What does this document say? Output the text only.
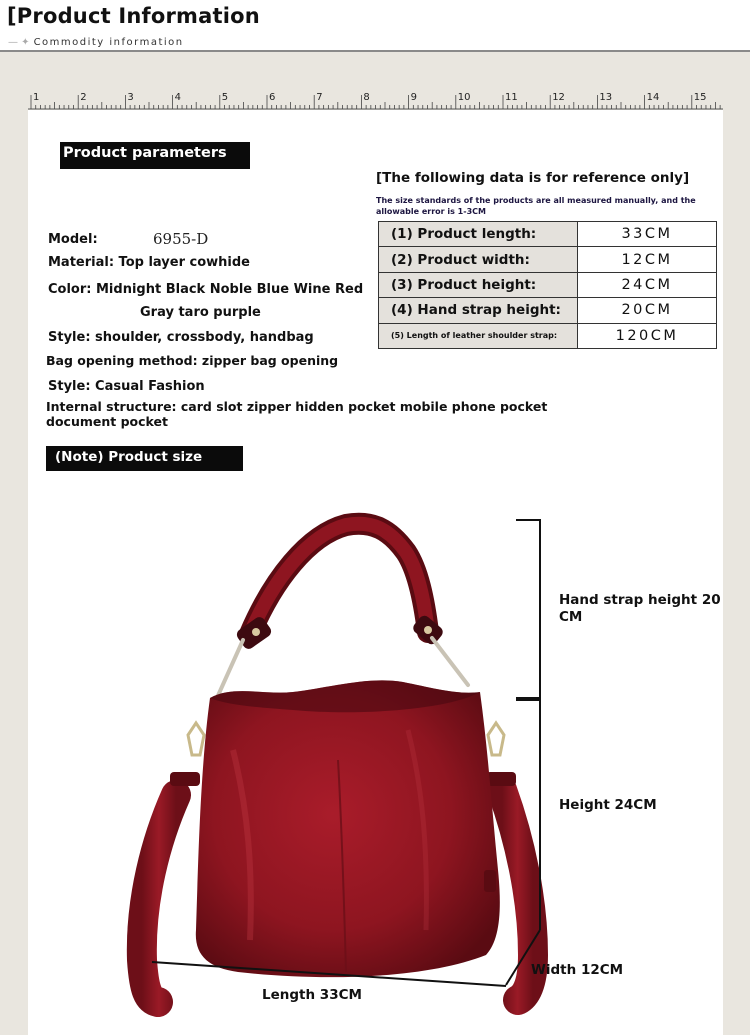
[Product Information
— ✦ Commodity information
1	2	3	4	5	6	7	8	9	10	11	12	13	14	15
Product parameters
Model:	6955-D
Material: Top layer cowhide
Color: Midnight Black Noble Blue Wine Red
Gray taro purple
Style: shoulder, crossbody, handbag
Bag opening method: zipper bag opening
Style: Casual Fashion
Internal structure: card slot zipper hidden pocket mobile phone pocket
document pocket
[The following data is for reference only]
The size standards of the products are all measured manually, and the allowable error is 1-3CM
(1) Product length:	33CM
(2) Product width:	12CM
(3) Product height:	24CM
(4) Hand strap height:	20CM
(5) Length of leather shoulder strap:	120CM
(Note) Product size
Hand strap height 20
CM
Height 24CM
Width 12CM
Length 33CM
